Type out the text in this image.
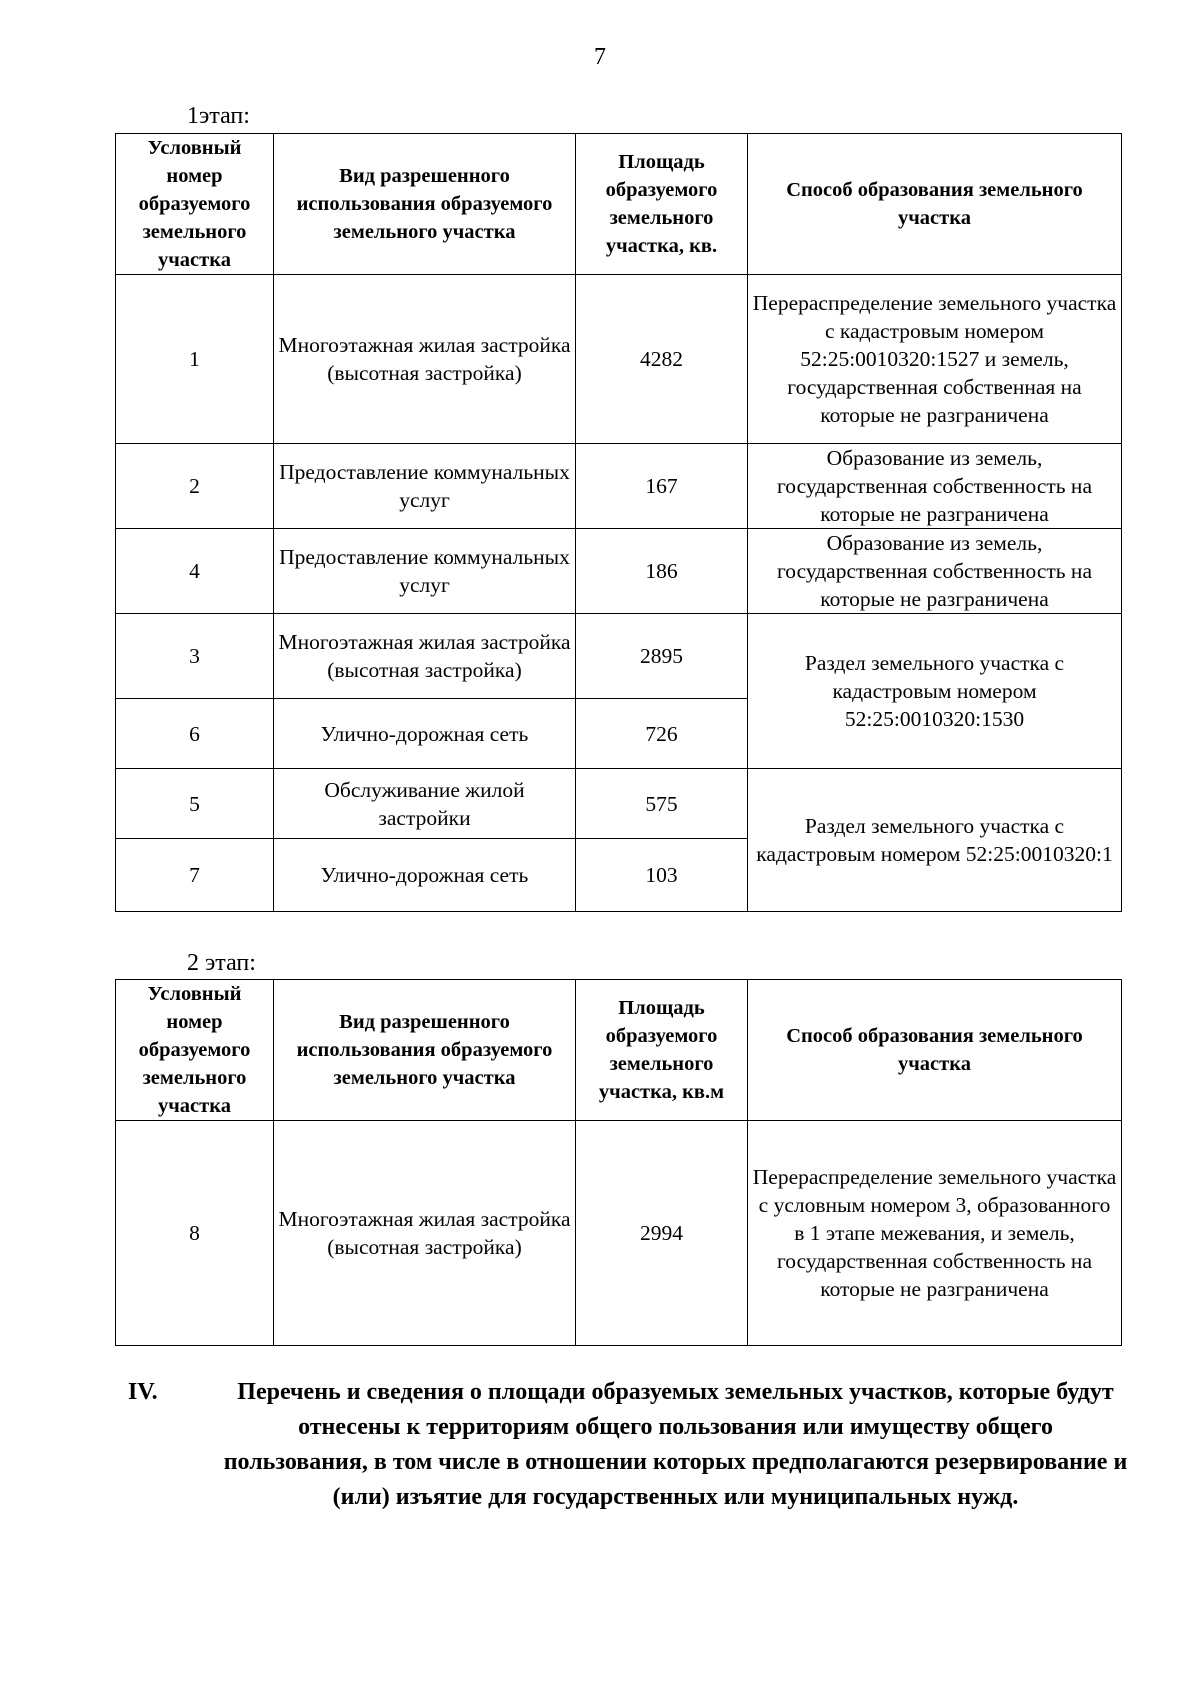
7
1этап:
Условный номер образуемого земельного участка	Вид разрешенного использования образуемого земельного участка	Площадь образуемого земельного участка, кв.	Способ образования земельного участка
1	Многоэтажная жилая застройка (высотная застройка)	4282	Перераспределение земельного участка с кадастровым номером 52:25:0010320:1527 и земель, государственная собственная на которые не разграничена
2	Предоставление коммунальных услуг	167	Образование из земель, государственная собственность на которые не разграничена
4	Предоставление коммунальных услуг	186	Образование из земель, государственная собственность на которые не разграничена
3	Многоэтажная жилая застройка (высотная застройка)	2895	Раздел земельного участка с кадастровым номером 52:25:0010320:1530
6	Улично-дорожная сеть	726	
5	Обслуживание жилой застройки	575	Раздел земельного участка с кадастровым номером 52:25:0010320:1
7	Улично-дорожная сеть	103	
2 этап:
Условный номер образуемого земельного участка	Вид разрешенного использования образуемого земельного участка	Площадь образуемого земельного участка, кв.м	Способ образования земельного участка
8	Многоэтажная жилая застройка (высотная застройка)	2994	Перераспределение земельного участка с условным номером 3, образованного в 1 этапе межевания, и земель, государственная собственность на которые не разграничена
IV.	Перечень и сведения о площади образуемых земельных участков, которые будут отнесены к территориям общего пользования или имуществу общего пользования, в том числе в отношении которых предполагаются резервирование и (или) изъятие для государственных или муниципальных нужд.
